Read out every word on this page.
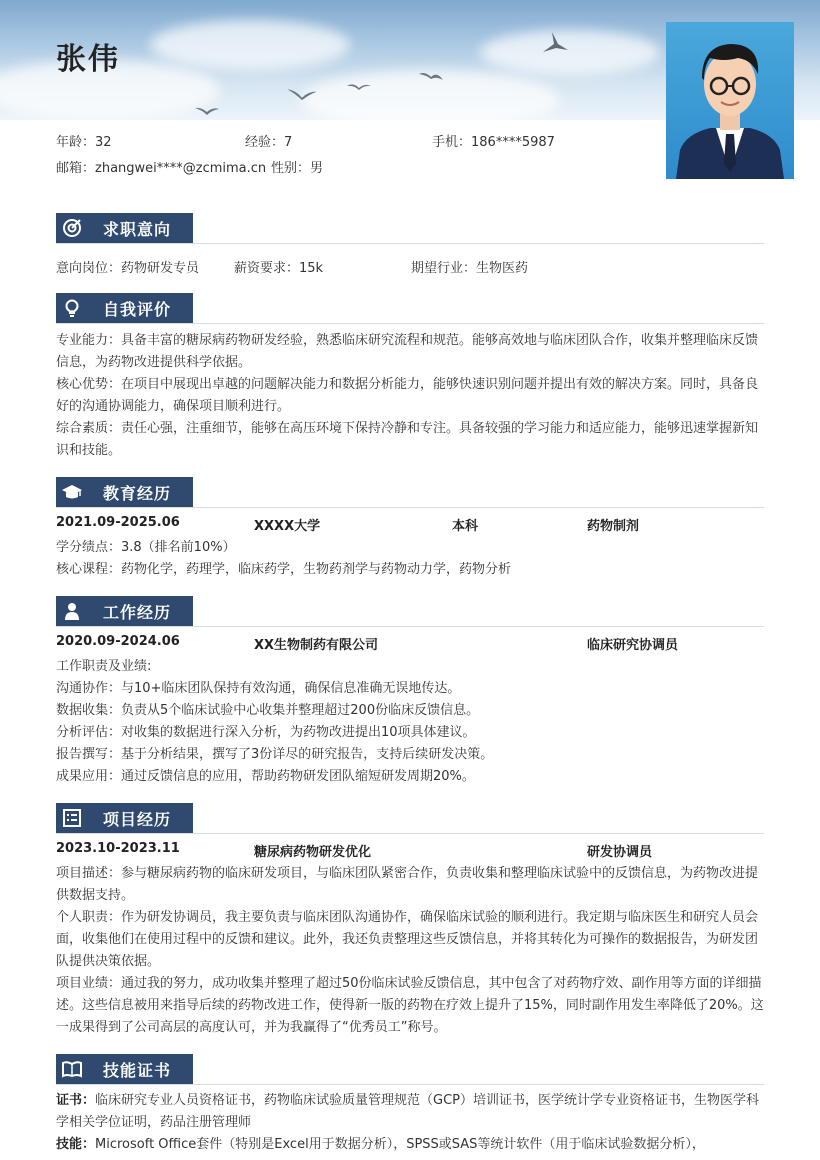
张伟
年龄：32	经验：7	手机：186****5987
邮箱：zhangwei****@zcmima.cn 性别：男
求职意向
意向岗位：药物研发专员	薪资要求：15k	期望行业：生物医药
自我评价
专业能力：具备丰富的糖尿病药物研发经验，熟悉临床研究流程和规范。能够高效地与临床团队合作，收集并整理临床反馈信息，为药物改进提供科学依据。
核心优势：在项目中展现出卓越的问题解决能力和数据分析能力，能够快速识别问题并提出有效的解决方案。同时，具备良好的沟通协调能力，确保项目顺利进行。
综合素质：责任心强，注重细节，能够在高压环境下保持冷静和专注。具备较强的学习能力和适应能力，能够迅速掌握新知识和技能。
教育经历
2021.09-2025.06	XXXX大学	本科	药物制剂
学分绩点：3.8（排名前10%）
核心课程：药物化学，药理学，临床药学，生物药剂学与药物动力学，药物分析
工作经历
2020.09-2024.06	XX生物制药有限公司	临床研究协调员
工作职责及业绩:
沟通协作：与10+临床团队保持有效沟通，确保信息准确无误地传达。
数据收集：负责从5个临床试验中心收集并整理超过200份临床反馈信息。
分析评估：对收集的数据进行深入分析，为药物改进提出10项具体建议。
报告撰写：基于分析结果，撰写了3份详尽的研究报告，支持后续研发决策。
成果应用：通过反馈信息的应用，帮助药物研发团队缩短研发周期20%。
项目经历
2023.10-2023.11	糖尿病药物研发优化	研发协调员
项目描述：参与糖尿病药物的临床研发项目，与临床团队紧密合作，负责收集和整理临床试验中的反馈信息，为药物改进提供数据支持。
个人职责：作为研发协调员，我主要负责与临床团队沟通协作，确保临床试验的顺利进行。我定期与临床医生和研究人员会面，收集他们在使用过程中的反馈和建议。此外，我还负责整理这些反馈信息，并将其转化为可操作的数据报告，为研发团队提供决策依据。
项目业绩：通过我的努力，成功收集并整理了超过50份临床试验反馈信息，其中包含了对药物疗效、副作用等方面的详细描述。这些信息被用来指导后续的药物改进工作，使得新一版的药物在疗效上提升了15%，同时副作用发生率降低了20%。这一成果得到了公司高层的高度认可，并为我赢得了“优秀员工”称号。
技能证书
证书：临床研究专业人员资格证书，药物临床试验质量管理规范（GCP）培训证书，医学统计学专业资格证书，生物医学科学相关学位证明，药品注册管理师
技能：Microsoft Office套件（特别是Excel用于数据分析），SPSS或SAS等统计软件（用于临床试验数据分析），
